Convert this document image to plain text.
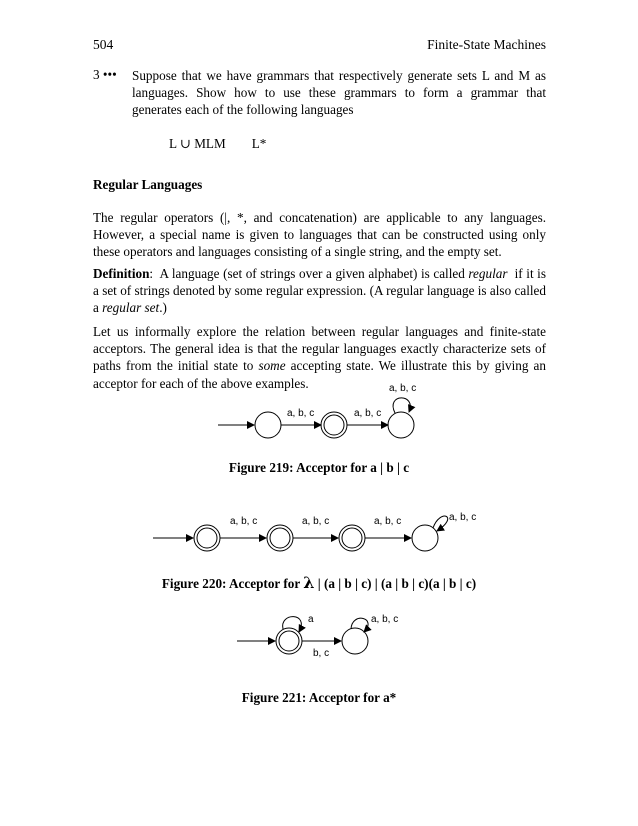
504	Finite-State Machines
3 ••• Suppose that we have grammars that respectively generate sets L and M as languages. Show how to use these grammars to form a grammar that generates each of the following languages
L ∪ MLM L*
Regular Languages
The regular operators (|, *, and concatenation) are applicable to any languages. However, a special name is given to languages that can be constructed using only these operators and languages consisting of a single string, and the empty set.
Definition:  A language (set of strings over a given alphabet) is called regular  if it is a set of strings denoted by some regular expression. (A regular language is also called a regular set.)
Let us informally explore the relation between regular languages and finite-state acceptors. The general idea is that the regular languages exactly characterize sets of paths from the initial state to some accepting state. We illustrate this by giving an acceptor for each of the above examples.
a, b, c	a, b, c
a, b, c
a, b, c	a, b, c	a, b, c	a, b, c
a
b, c
a, b, c
Figure 219: Acceptor for a | b | c
Figure 220: Acceptor for λ | (a | b | c) | (a | b | c)(a | b | c)
Figure 221: Acceptor for a*
